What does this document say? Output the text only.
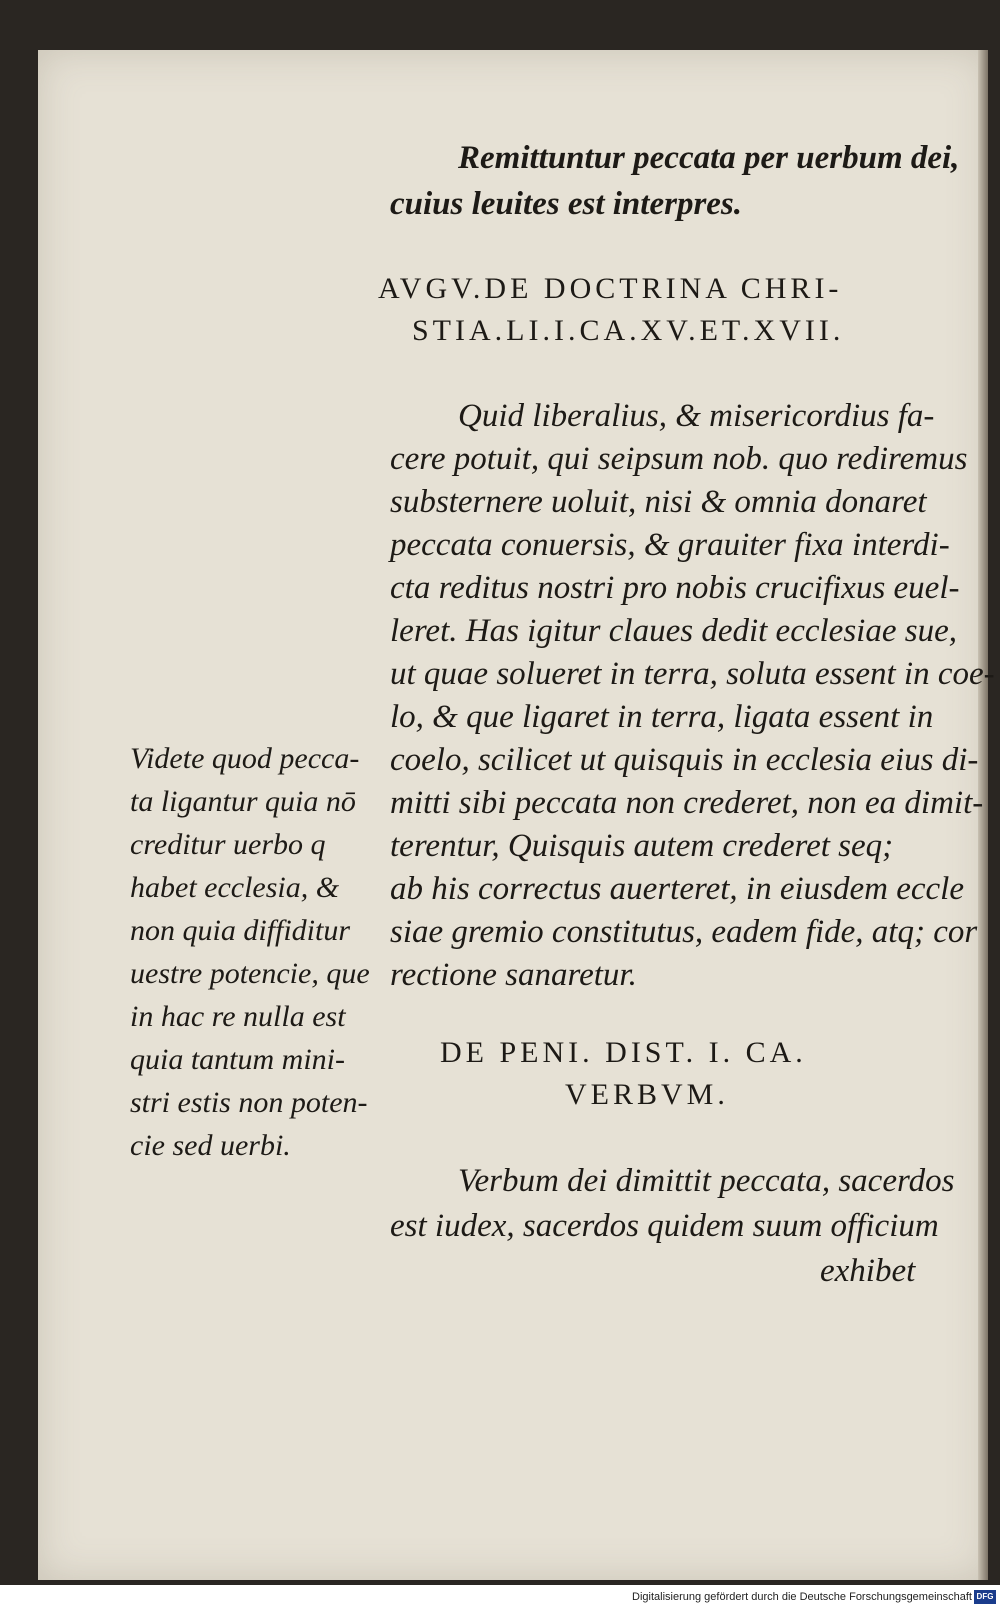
Remittuntur peccata per uerbum dei,
cuius leuites est interpres.
AVGV.DE DOCTRINA CHRI-
STIA.LI.I.CA.XV.ET.XVII.
Quid liberalius, & misericordius fa-
cere potuit, qui seipsum nob. quo rediremus
substernere uoluit, nisi & omnia donaret
peccata conuersis, & grauiter fixa interdi-
cta reditus nostri pro nobis crucifixus euel-
leret. Has igitur claues dedit ecclesiae sue,
ut quae solueret in terra, soluta essent in coe-
lo, & que ligaret in terra, ligata essent in
coelo, scilicet ut quisquis in ecclesia eius di-
mitti sibi peccata non crederet, non ea dimit-
terentur, Quisquis autem crederet seq;
ab his correctus auerteret, in eiusdem eccle
siae gremio constitutus, eadem fide, atq; cor
rectione sanaretur.
Videte quod pecca-
ta ligantur quia nō
creditur uerbo q
habet ecclesia, &
non quia diffiditur
uestre potencie, que
in hac re nulla est
quia tantum mini-
stri estis non poten-
cie sed uerbi.
DE PENI. DIST. I. CA.
VERBVM.
Verbum dei dimittit peccata, sacerdos
est iudex, sacerdos quidem suum officium
exhibet
Digitalisierung gefördert durch die Deutsche Forschungsgemeinschaft DFG
